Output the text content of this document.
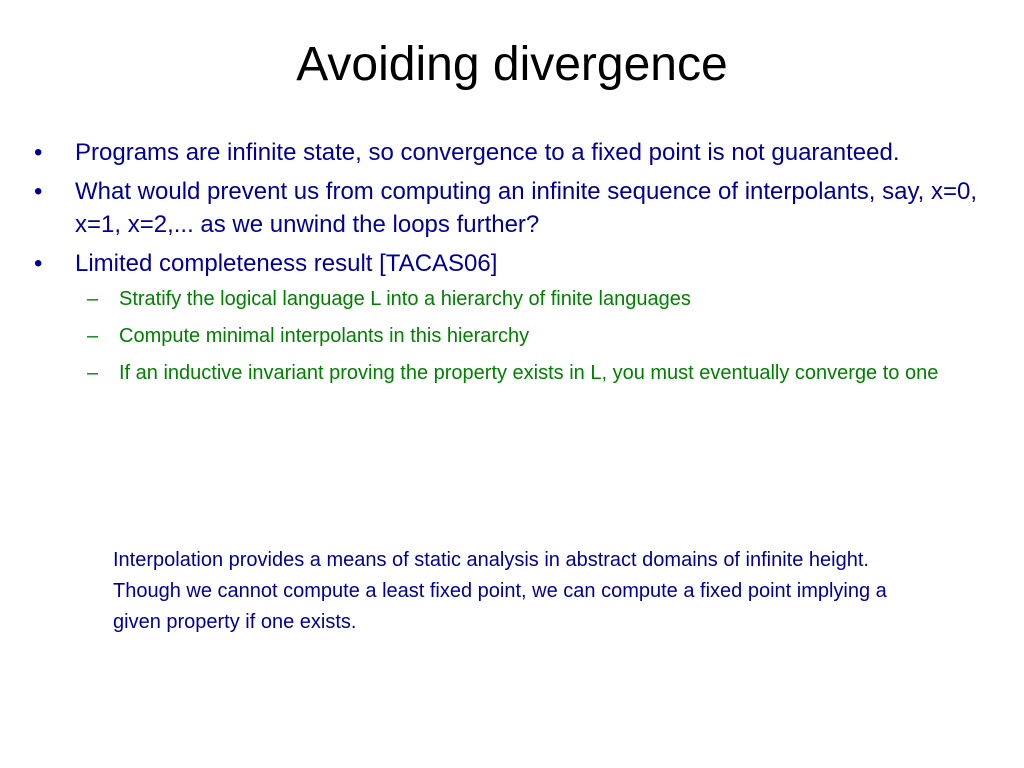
Avoiding divergence
• Programs are infinite state, so convergence to a fixed point is not guaranteed.
• What would prevent us from computing an infinite sequence of interpolants, say, x=0, x=1, x=2,... as we unwind the loops further?
• Limited completeness result [TACAS06]
– Stratify the logical language L into a hierarchy of finite languages
– Compute minimal interpolants in this hierarchy
– If an inductive invariant proving the property exists in L, you must eventually converge to one
Interpolation provides a means of static analysis in abstract domains of infinite height. Though we cannot compute a least fixed point, we can compute a fixed point implying a given property if one exists.
